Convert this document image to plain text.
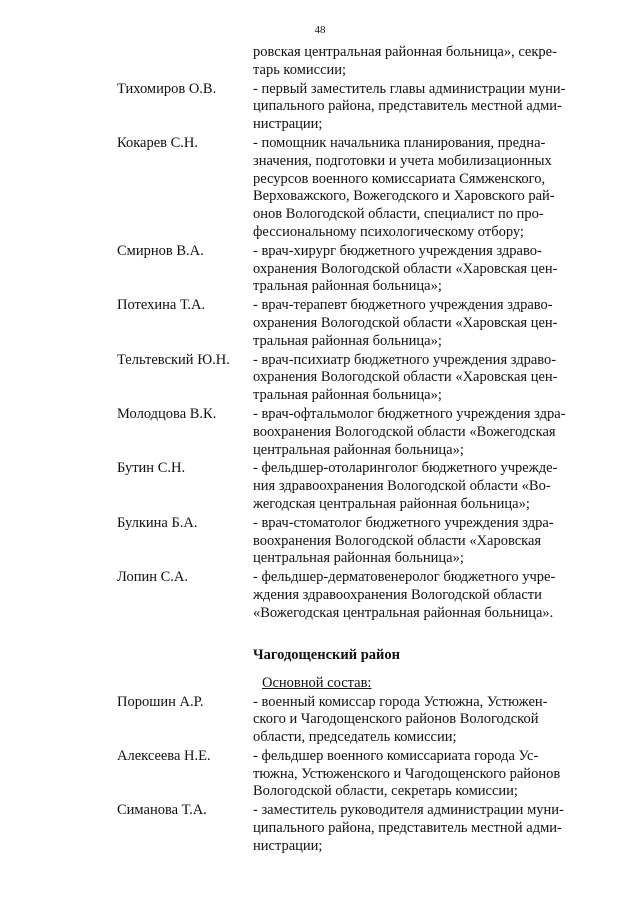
48
ровская центральная районная больница», секре-
тарь комиссии;
Тихомиров О.В.	- первый заместитель главы администрации муни-
ципального района, представитель местной адми-
нистрации;
Кокарев С.Н.	- помощник начальника планирования, предна-
значения, подготовки и учета мобилизационных
ресурсов военного комиссариата Сямженского,
Верховажского, Вожегодского и Харовского рай-
онов Вологодской области, специалист по про-
фессиональному психологическому отбору;
Смирнов В.А.	- врач-хирург бюджетного учреждения здраво-
охранения Вологодской области «Харовская цен-
тральная районная больница»;
Потехина Т.А.	- врач-терапевт бюджетного учреждения здраво-
охранения Вологодской области «Харовская цен-
тральная районная больница»;
Тельтевский Ю.Н. - врач-психиатр бюджетного учреждения здраво-
охранения Вологодской области «Харовская цен-
тральная районная больница»;
Молодцова В.К.	- врач-офтальмолог бюджетного учреждения здра-
воохранения Вологодской области «Вожегодская
центральная районная больница»;
Бутин С.Н.	- фельдшер-отоларинголог бюджетного учрежде-
ния здравоохранения Вологодской области «Во-
жегодская центральная районная больница»;
Булкина Б.А.	- врач-стоматолог бюджетного учреждения здра-
воохранения Вологодской области «Харовская
центральная районная больница»;
Лопин С.А.	- фельдшер-дерматовенеролог бюджетного учре-
ждения здравоохранения Вологодской области
«Вожегодская центральная районная больница».
Чагодощенский район
Основной состав:
Порошин А.Р.	- военный комиссар города Устюжна, Устюжен-
ского и Чагодощенского районов Вологодской
области, председатель комиссии;
Алексеева Н.Е.	- фельдшер военного комиссариата города Ус-
тюжна, Устюженского и Чагодощенского районов
Вологодской области, секретарь комиссии;
Симанова Т.А.	- заместитель руководителя администрации муни-
ципального района, представитель местной адми-
нистрации;
